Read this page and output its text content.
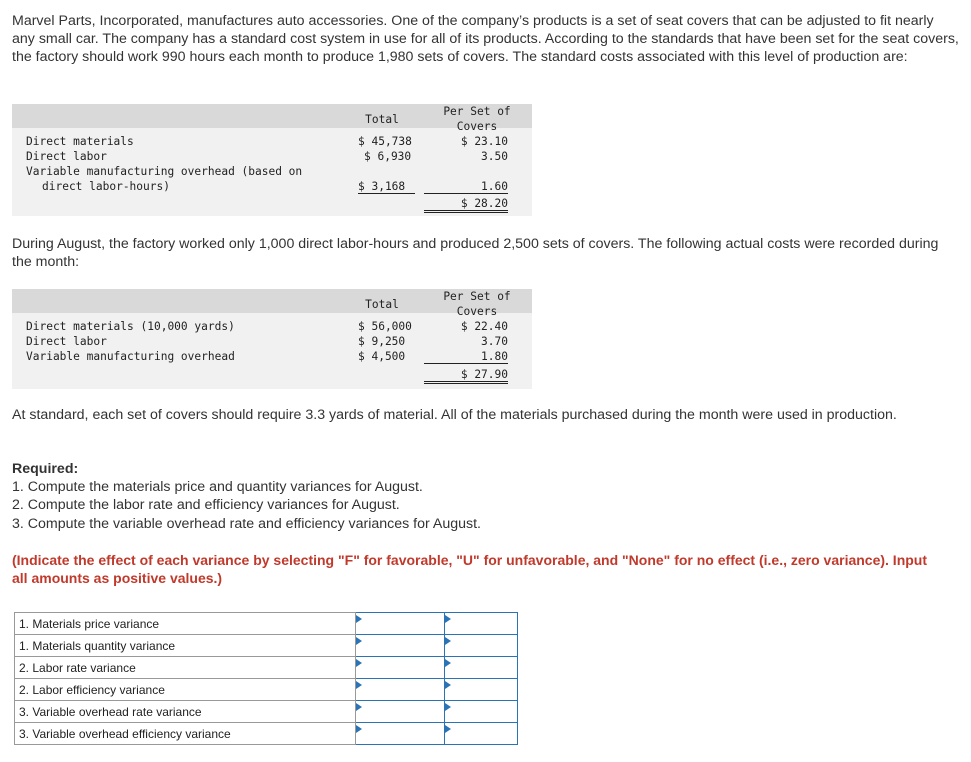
Marvel Parts, Incorporated, manufactures auto accessories. One of the company’s products is a set of seat covers that can be adjusted to fit nearly any small car. The company has a standard cost system in use for all of its products. According to the standards that have been set for the seat covers, the factory should work 990 hours each month to produce 1,980 sets of covers. The standard costs associated with this level of production are:
Total
Per Set of
Covers
Direct materials	$ 45,738	$ 23.10
Direct labor	$ 6,930	3.50
Variable manufacturing overhead (based on
direct labor-hours)	$ 3,168	1.60
$ 28.20
During August, the factory worked only 1,000 direct labor-hours and produced 2,500 sets of covers. The following actual costs were recorded during the month:
Total
Per Set of
Covers
Direct materials (10,000 yards)	$ 56,000	$ 22.40
Direct labor	$ 9,250	3.70
Variable manufacturing overhead	$ 4,500	1.80
$ 27.90
At standard, each set of covers should require 3.3 yards of material. All of the materials purchased during the month were used in production.
Required:
1. Compute the materials price and quantity variances for August.
2. Compute the labor rate and efficiency variances for August.
3. Compute the variable overhead rate and efficiency variances for August.
(Indicate the effect of each variance by selecting "F" for favorable, "U" for unfavorable, and "None" for no effect (i.e., zero variance). Input all amounts as positive values.)
1. Materials price variance	

1. Materials quantity variance	

2. Labor rate variance	

2. Labor efficiency variance	

3. Variable overhead rate variance	

3. Variable overhead efficiency variance	
